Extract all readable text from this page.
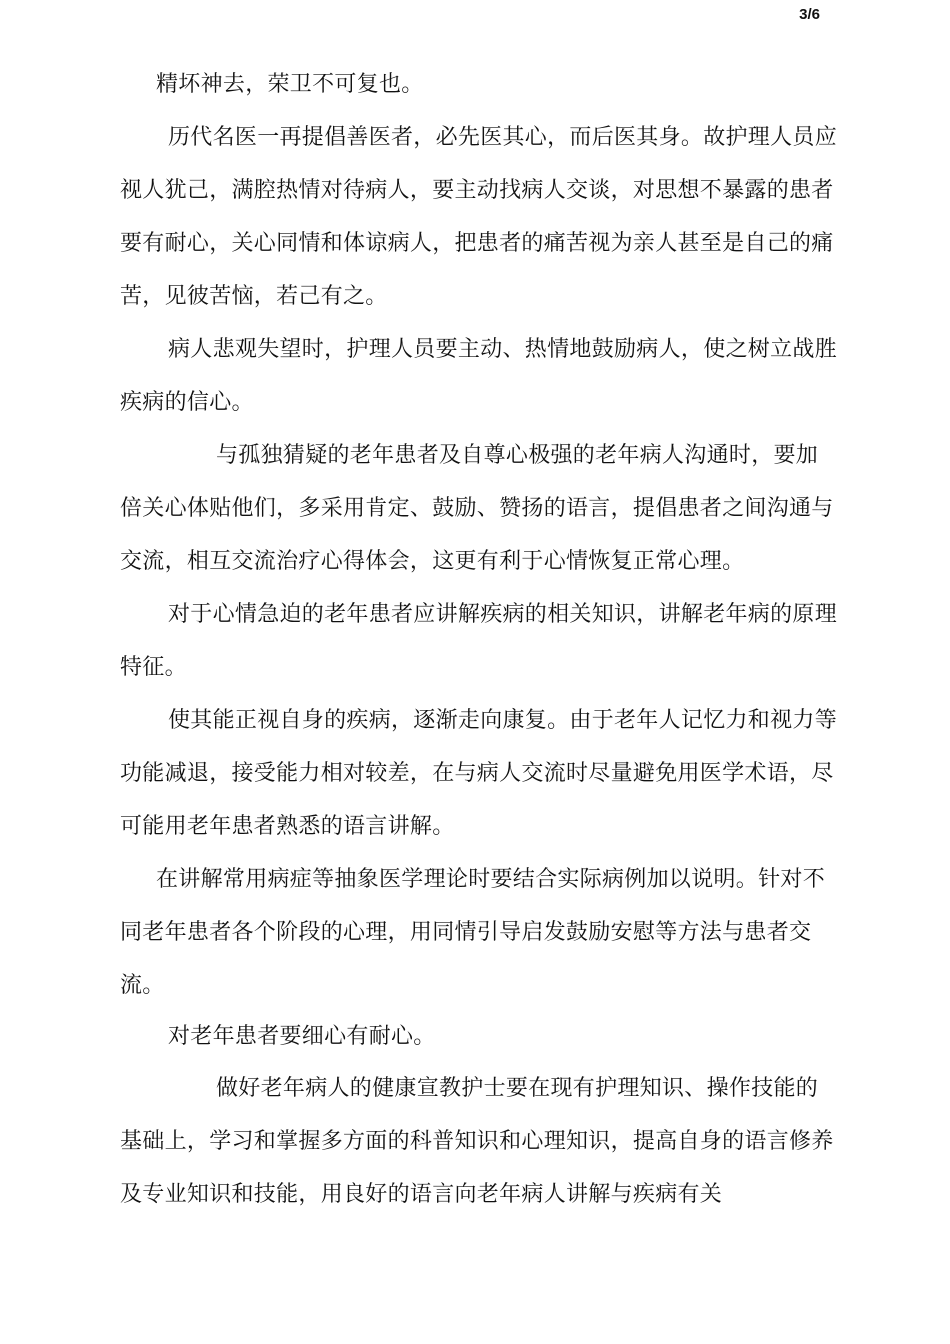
3/6

精坏神去，荣卫不可复也。

历代名医一再提倡善医者，必先医其心，而后医其身。故护理人员应视人犹己，满腔热情对待病人，要主动找病人交谈，对思想不暴露的患者要有耐心，关心同情和体谅病人，把患者的痛苦视为亲人甚至是自己的痛苦，见彼苦恼，若己有之。

病人悲观失望时，护理人员要主动、热情地鼓励病人，使之树立战胜疾病的信心。

与孤独猜疑的老年患者及自尊心极强的老年病人沟通时，要加倍关心体贴他们，多采用肯定、鼓励、赞扬的语言，提倡患者之间沟通与交流，相互交流治疗心得体会，这更有利于心情恢复正常心理。

对于心情急迫的老年患者应讲解疾病的相关知识，讲解老年病的原理特征。

使其能正视自身的疾病，逐渐走向康复。由于老年人记忆力和视力等功能减退，接受能力相对较差，在与病人交流时尽量避免用医学术语，尽可能用老年患者熟悉的语言讲解。

在讲解常用病症等抽象医学理论时要结合实际病例加以说明。针对不同老年患者各个阶段的心理，用同情引导启发鼓励安慰等方法与患者交流。

对老年患者要细心有耐心。

做好老年病人的健康宣教护士要在现有护理知识、操作技能的基础上，学习和掌握多方面的科普知识和心理知识，提高自身的语言修养及专业知识和技能，用良好的语言向老年病人讲解与疾病有关
